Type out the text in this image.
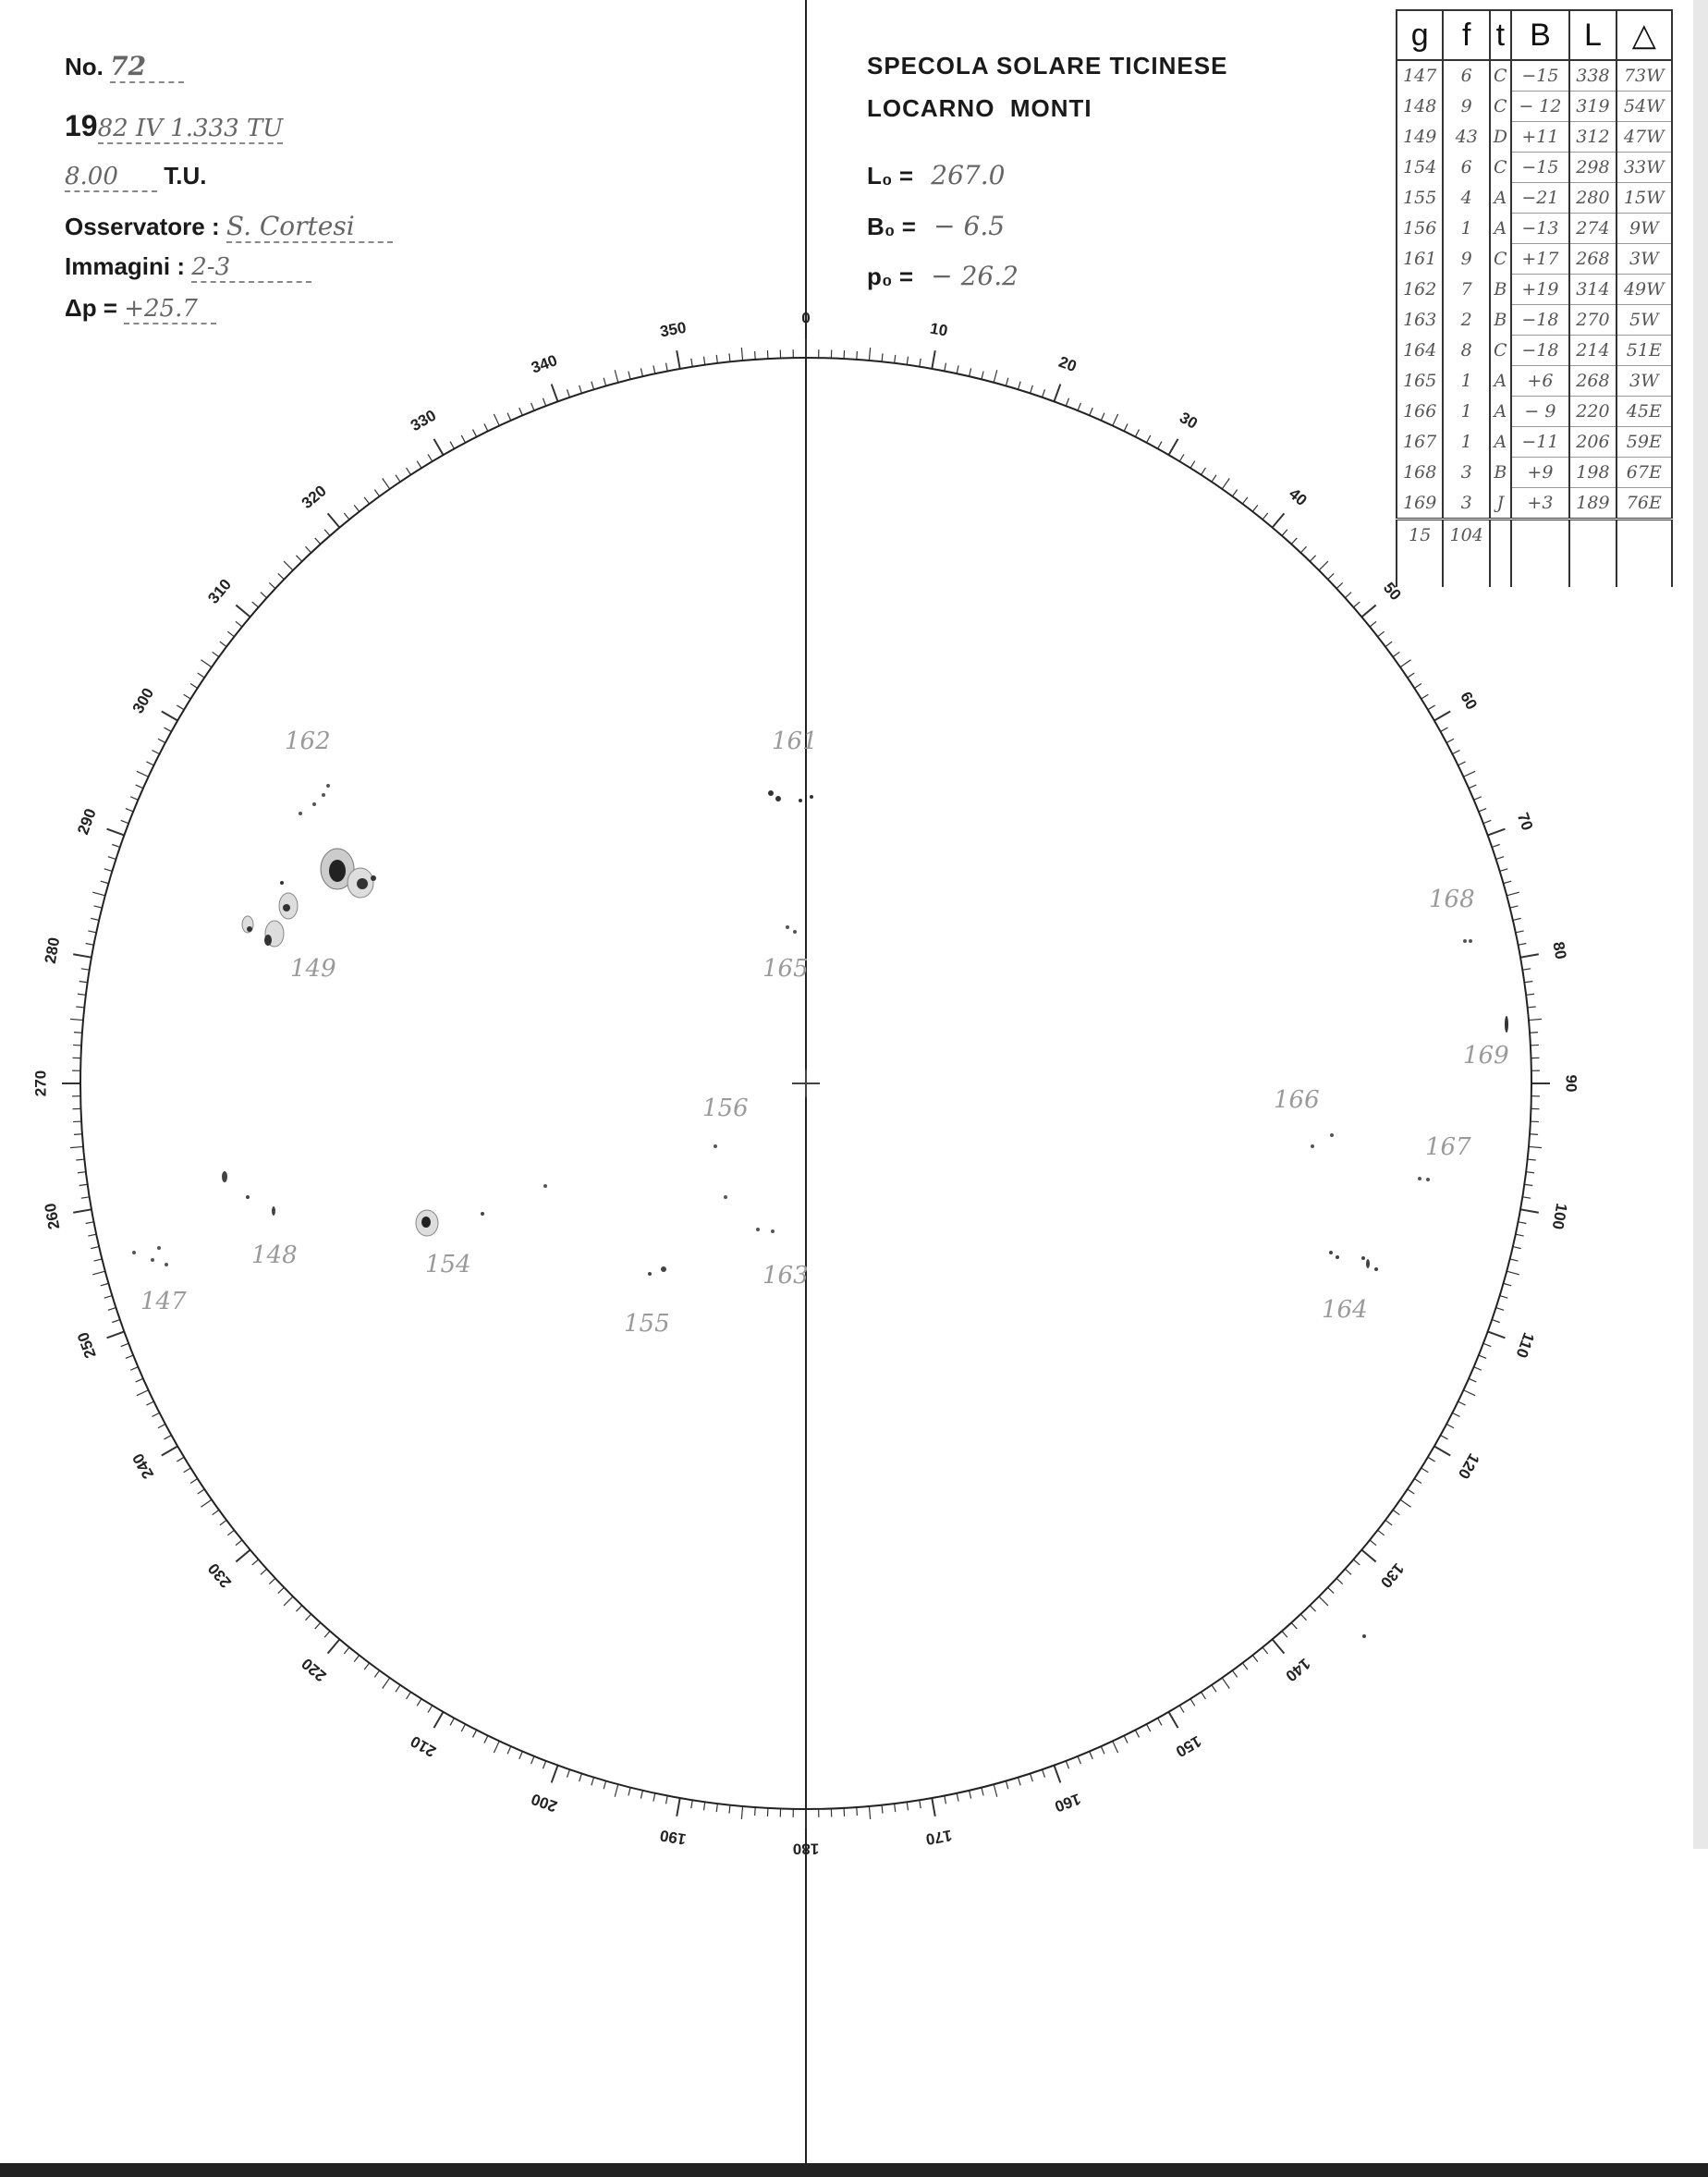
No. 72
1982 IV 1.333 TU
8.00 T.U.
Osservatore : S. Cortesi
Immagini : 2-3
Δp = +25.7
SPECOLA SOLARE TICINESE
LOCARNO  MONTI
L₀ = 267.0
B₀ = − 6.5
p₀ = − 26.2
g	f	t	B	L	△
147	6	C	−15	338	73W
148	9	C	− 12	319	54W
149	43	D	+11	312	47W
154	6	C	−15	298	33W
155	4	A	−21	280	15W
156	1	A	−13	274	9W
161	9	C	+17	268	3W
162	7	B	+19	314	49W
163	2	B	−18	270	5W
164	8	C	−18	214	51E
165	1	A	+6	268	3W
166	1	A	− 9	220	45E
167	1	A	−11	206	59E
168	3	B	+9	198	67E
169	3	J	+3	189	76E
15	104				

0
10
20
30
40
50
60
70
80
90
100
110
120
130
140
150
160
170
180
190
200
210
220
230
240
250
260
270
280
290
300
310
320
330
340
350
162	161
149	165
168
169
156	166
167
148	154
147
163
155	164
